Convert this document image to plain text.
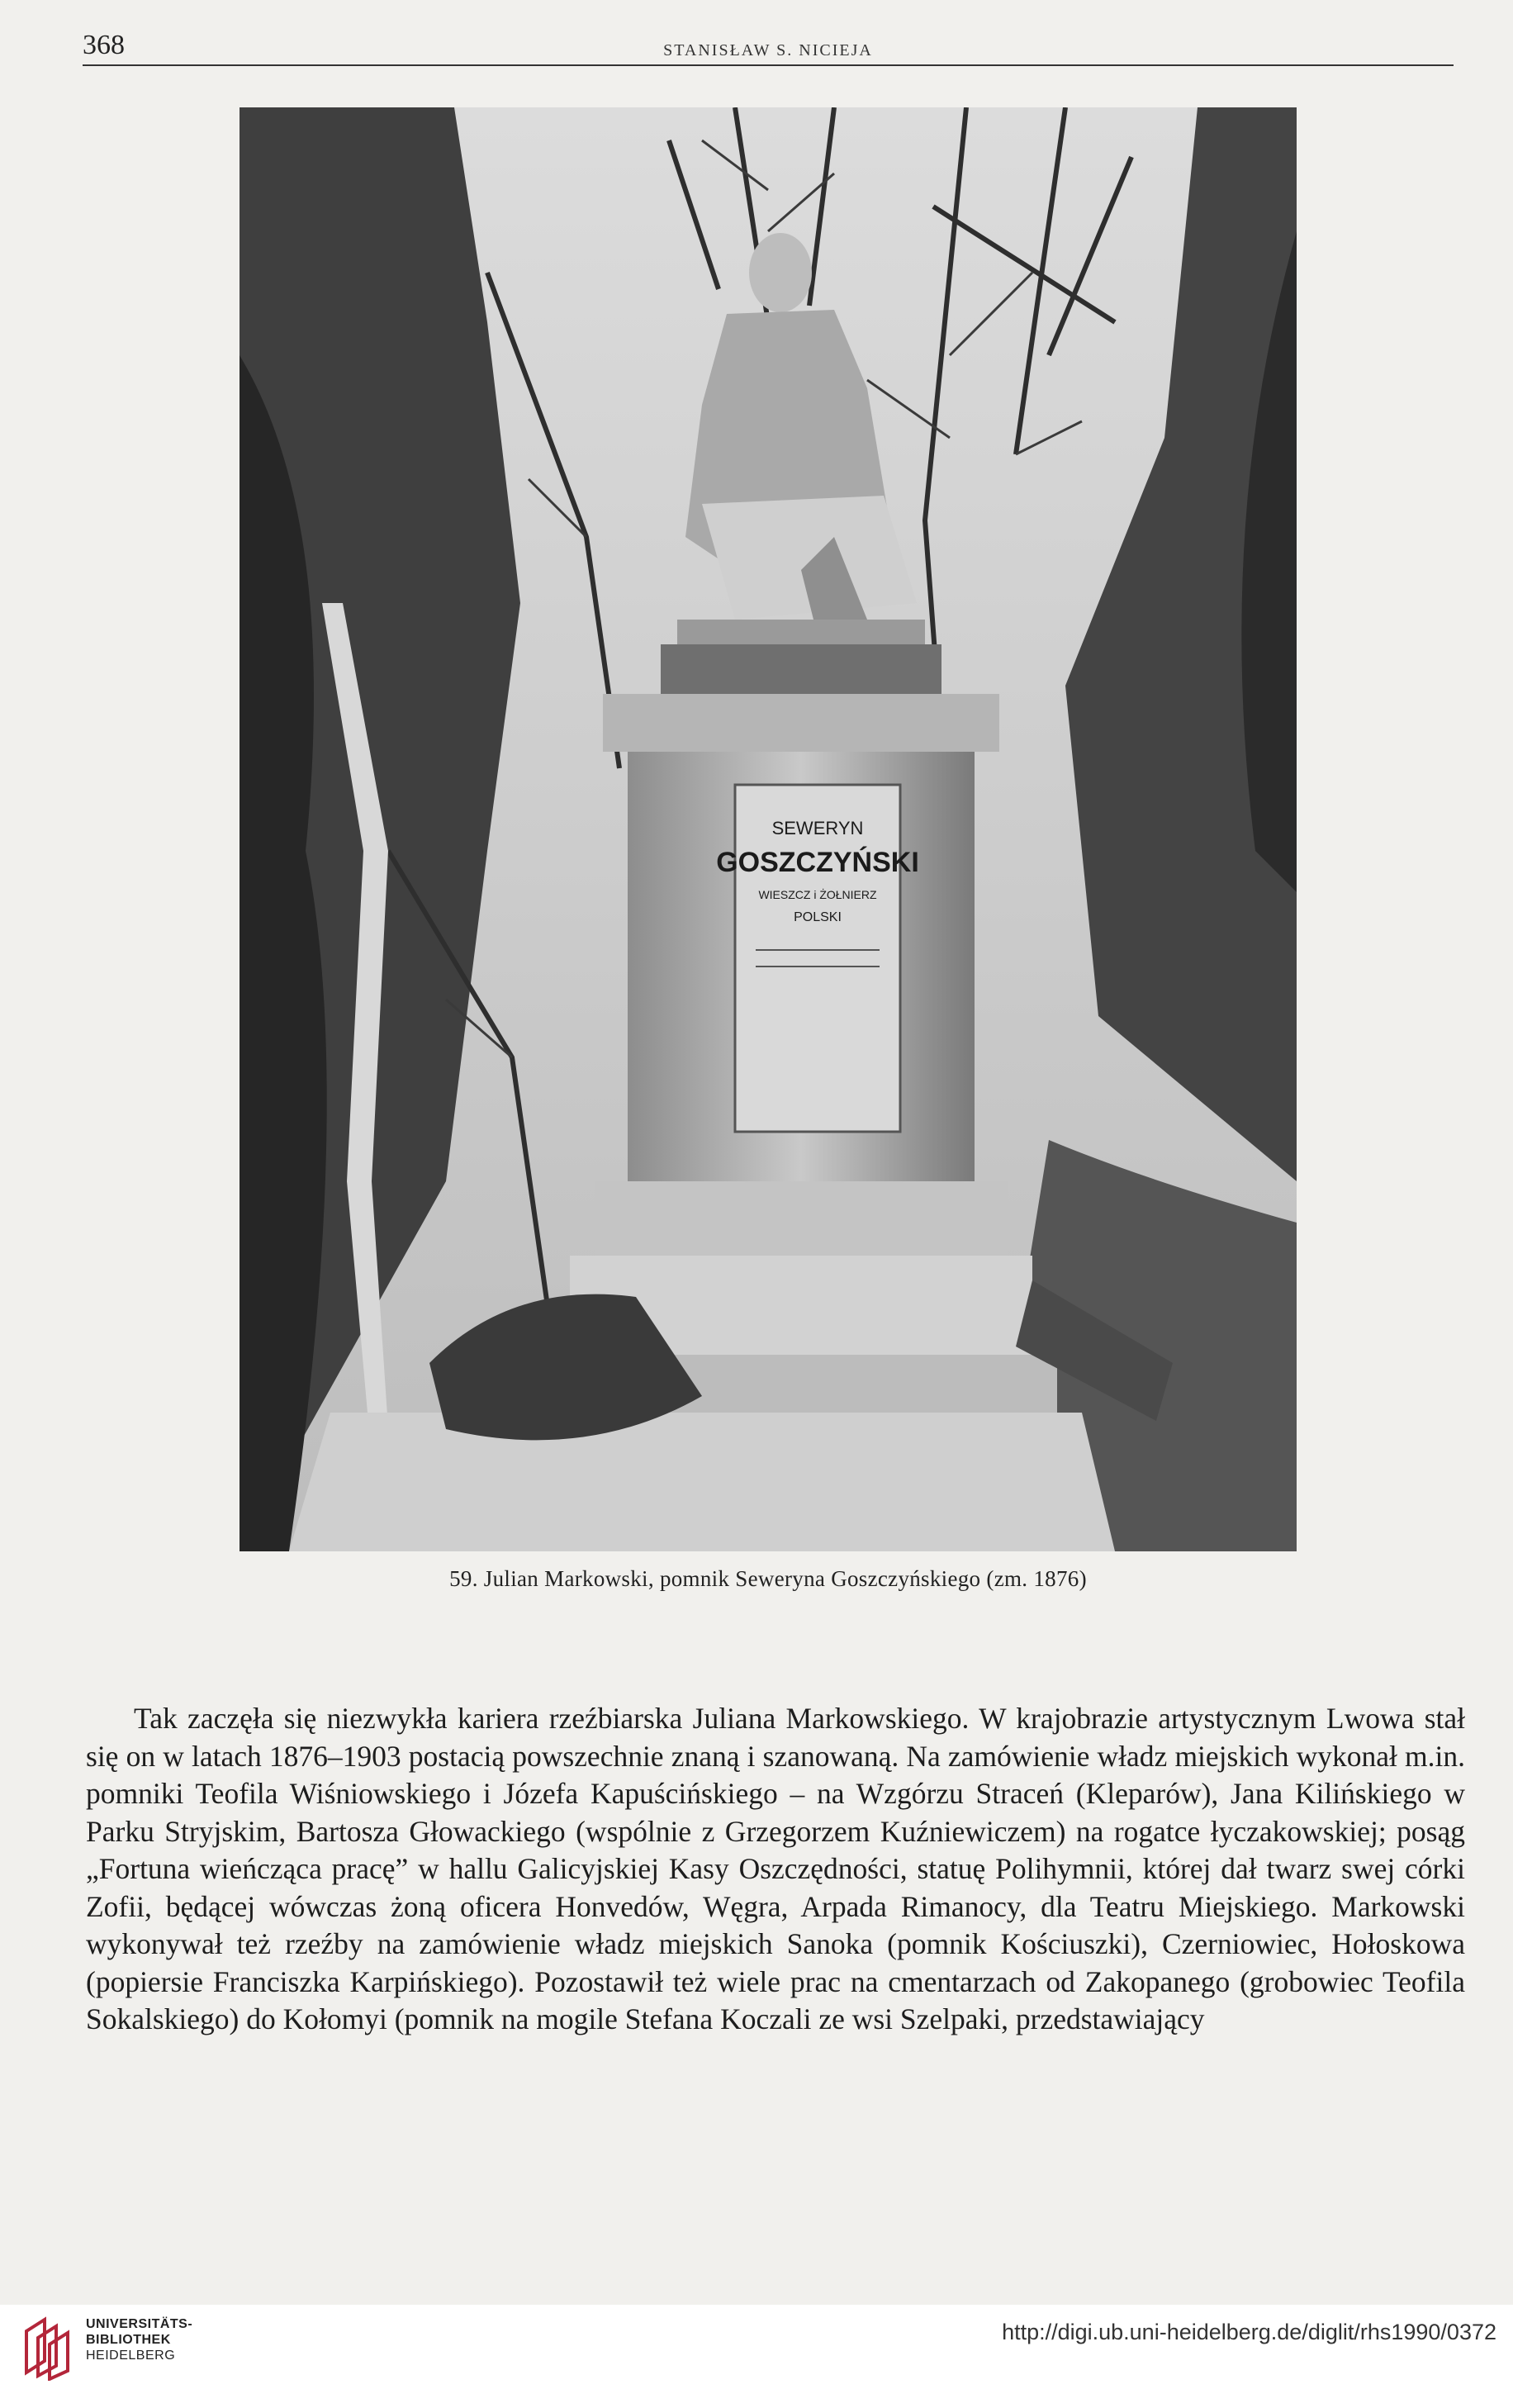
368	STANISŁAW S. NICIEJA
SEWERYN
GOSZCZYŃSKI
WIESZCZ i ŻOŁNIERZ
POLSKI
59. Julian Markowski, pomnik Seweryna Goszczyńskiego (zm. 1876)

Tak zaczęła się niezwykła kariera rzeźbiarska Juliana Markowskiego. W krajobrazie artystycznym Lwowa stał się on w latach 1876–1903 postacią powszechnie znaną i szanowaną. Na zamówienie władz miejskich wykonał m.in. pomniki Teofila Wiśniowskiego i Józefa Kapuścińskiego – na Wzgórzu Straceń (Kleparów), Jana Kilińskiego w Parku Stryjskim, Bartosza Głowackiego (wspólnie z Grzegorzem Kuźniewiczem) na rogatce łyczakowskiej; posąg „Fortuna wieńcząca pracę” w hallu Galicyjskiej Kasy Oszczędności, statuę Polihymnii, której dał twarz swej córki Zofii, będącej wówczas żoną oficera Honvedów, Węgra, Arpada Rimanocy, dla Teatru Miejskiego. Markowski wykonywał też rzeźby na zamówienie władz miejskich Sanoka (pomnik Kościuszki), Czerniowiec, Hołoskowa (popiersie Franciszka Karpińskiego). Pozostawił też wiele prac na cmentarzach od Zakopanego (grobowiec Teofila Sokalskiego) do Kołomyi (pomnik na mogile Stefana Koczali ze wsi Szelpaki, przedstawiający

UNIVERSITÄTS-
BIBLIOTHEK
HEIDELBERG
http://digi.ub.uni-heidelberg.de/diglit/rhs1990/0372
